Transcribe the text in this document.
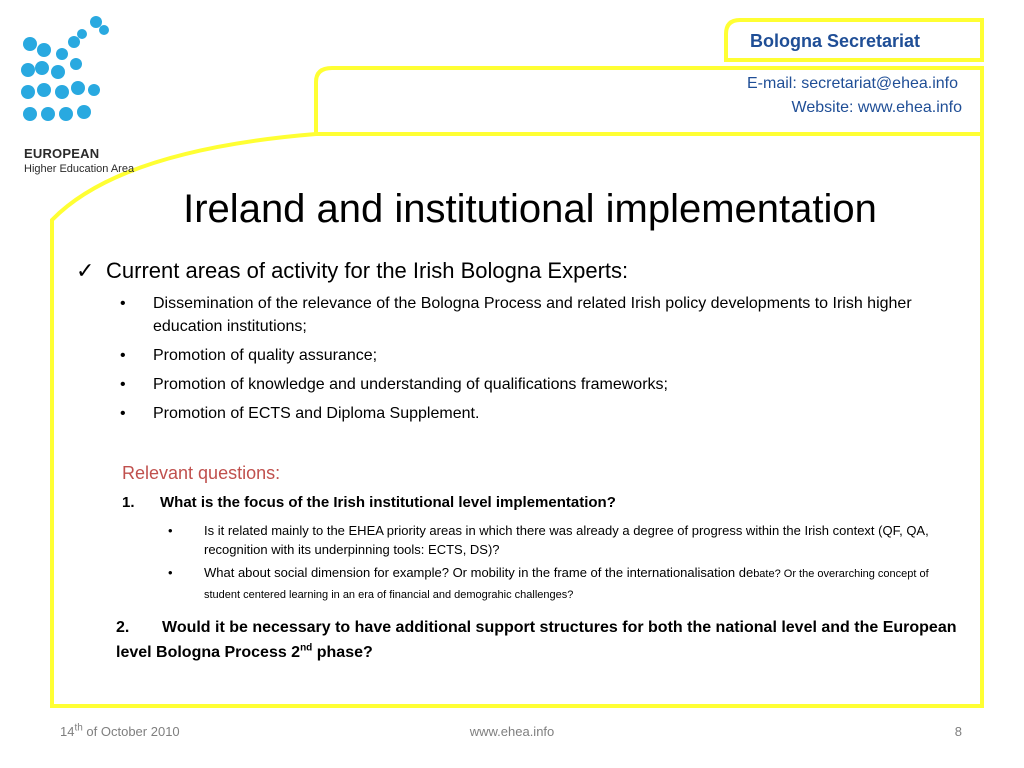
EUROPEAN
Higher Education Area
Bologna Secretariat
E-mail: secretariat@ehea.info
Website: www.ehea.info
Ireland and institutional implementation
✓ Current areas of activity for the Irish Bologna Experts:
• Dissemination of the relevance of the Bologna Process and related Irish policy developments to Irish higher education institutions;
• Promotion of quality assurance;
• Promotion of knowledge and understanding of qualifications frameworks;
• Promotion of ECTS and Diploma Supplement.
Relevant questions:
1. What is the focus of the Irish institutional level implementation?
• Is it related mainly to the EHEA priority areas in which there was already a degree of progress within the Irish context (QF, QA, recognition with its underpinning tools: ECTS, DS)?
• What about social dimension for example? Or mobility in the frame of the internationalisation debate? Or the overarching concept of student centered learning in an era of financial and demograhic challenges?
2. Would it be necessary to have additional support structures for both the national level and the European level Bologna Process 2nd phase?
14th of October 2010	www.ehea.info	8
